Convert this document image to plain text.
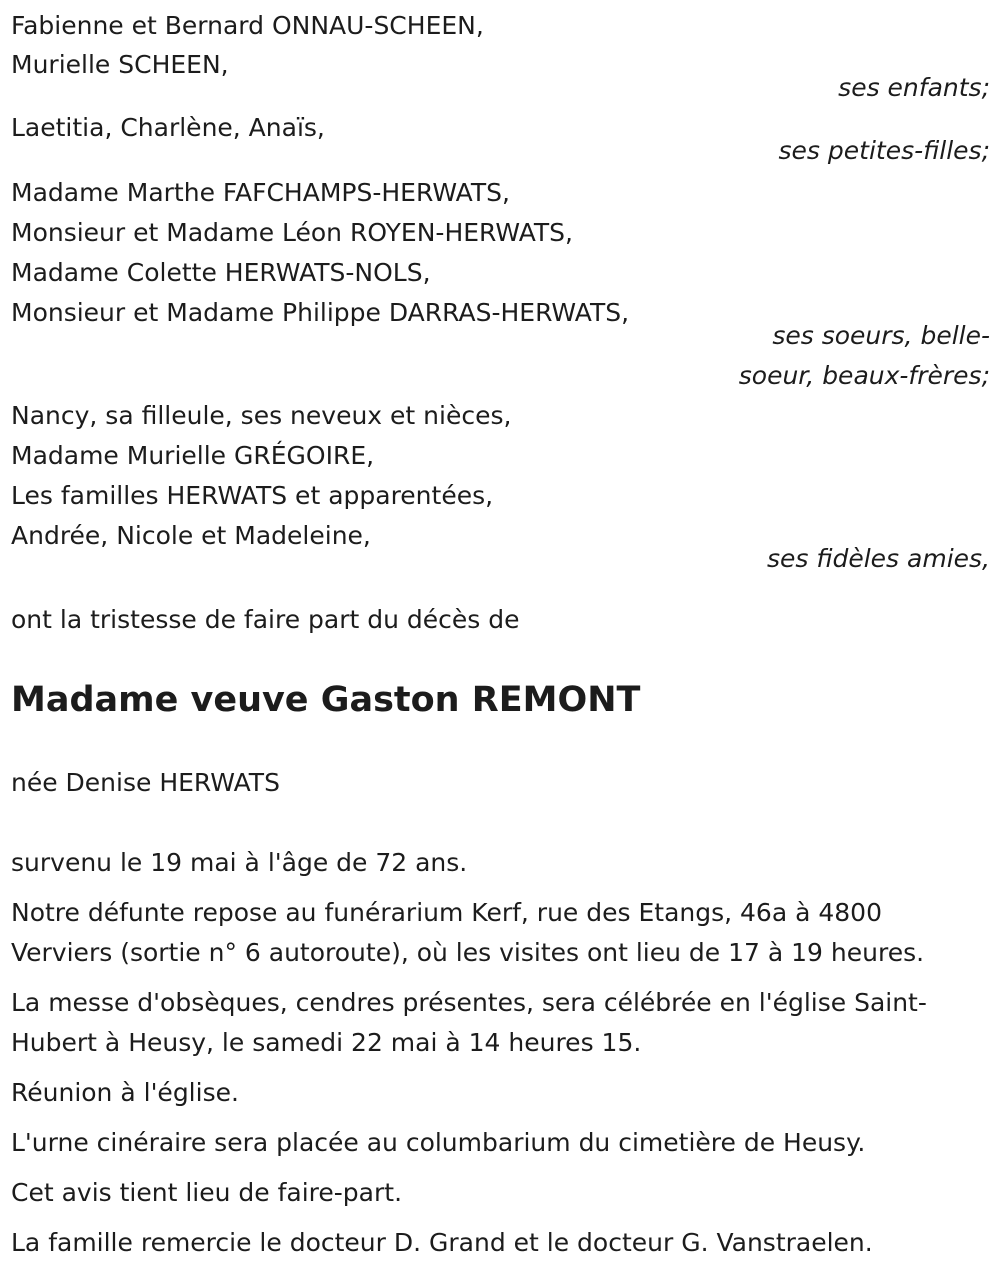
Fabienne et Bernard ONNAU-SCHEEN,
Murielle SCHEEN,
ses enfants;
Laetitia, Charlène, Anaïs,
ses petites-filles;
Madame Marthe FAFCHAMPS-HERWATS,
Monsieur et Madame Léon ROYEN-HERWATS,
Madame Colette HERWATS-NOLS,
Monsieur et Madame Philippe DARRAS-HERWATS,
ses soeurs, belle-
soeur, beaux-frères;
Nancy, sa filleule, ses neveux et nièces,
Madame Murielle GRÉGOIRE,
Les familles HERWATS et apparentées,
Andrée, Nicole et Madeleine,
ses fidèles amies,
ont la tristesse de faire part du décès de
Madame veuve Gaston REMONT
née Denise HERWATS
survenu le 19 mai à l'âge de 72 ans.
Notre défunte repose au funérarium Kerf, rue des Etangs, 46a à 4800
Verviers (sortie n° 6 autoroute), où les visites ont lieu de 17 à 19 heures.
La messe d'obsèques, cendres présentes, sera célébrée en l'église Saint-
Hubert à Heusy, le samedi 22 mai à 14 heures 15.
Réunion à l'église.
L'urne cinéraire sera placée au columbarium du cimetière de Heusy.
Cet avis tient lieu de faire-part.
La famille remercie le docteur D. Grand et le docteur G. Vanstraelen.
